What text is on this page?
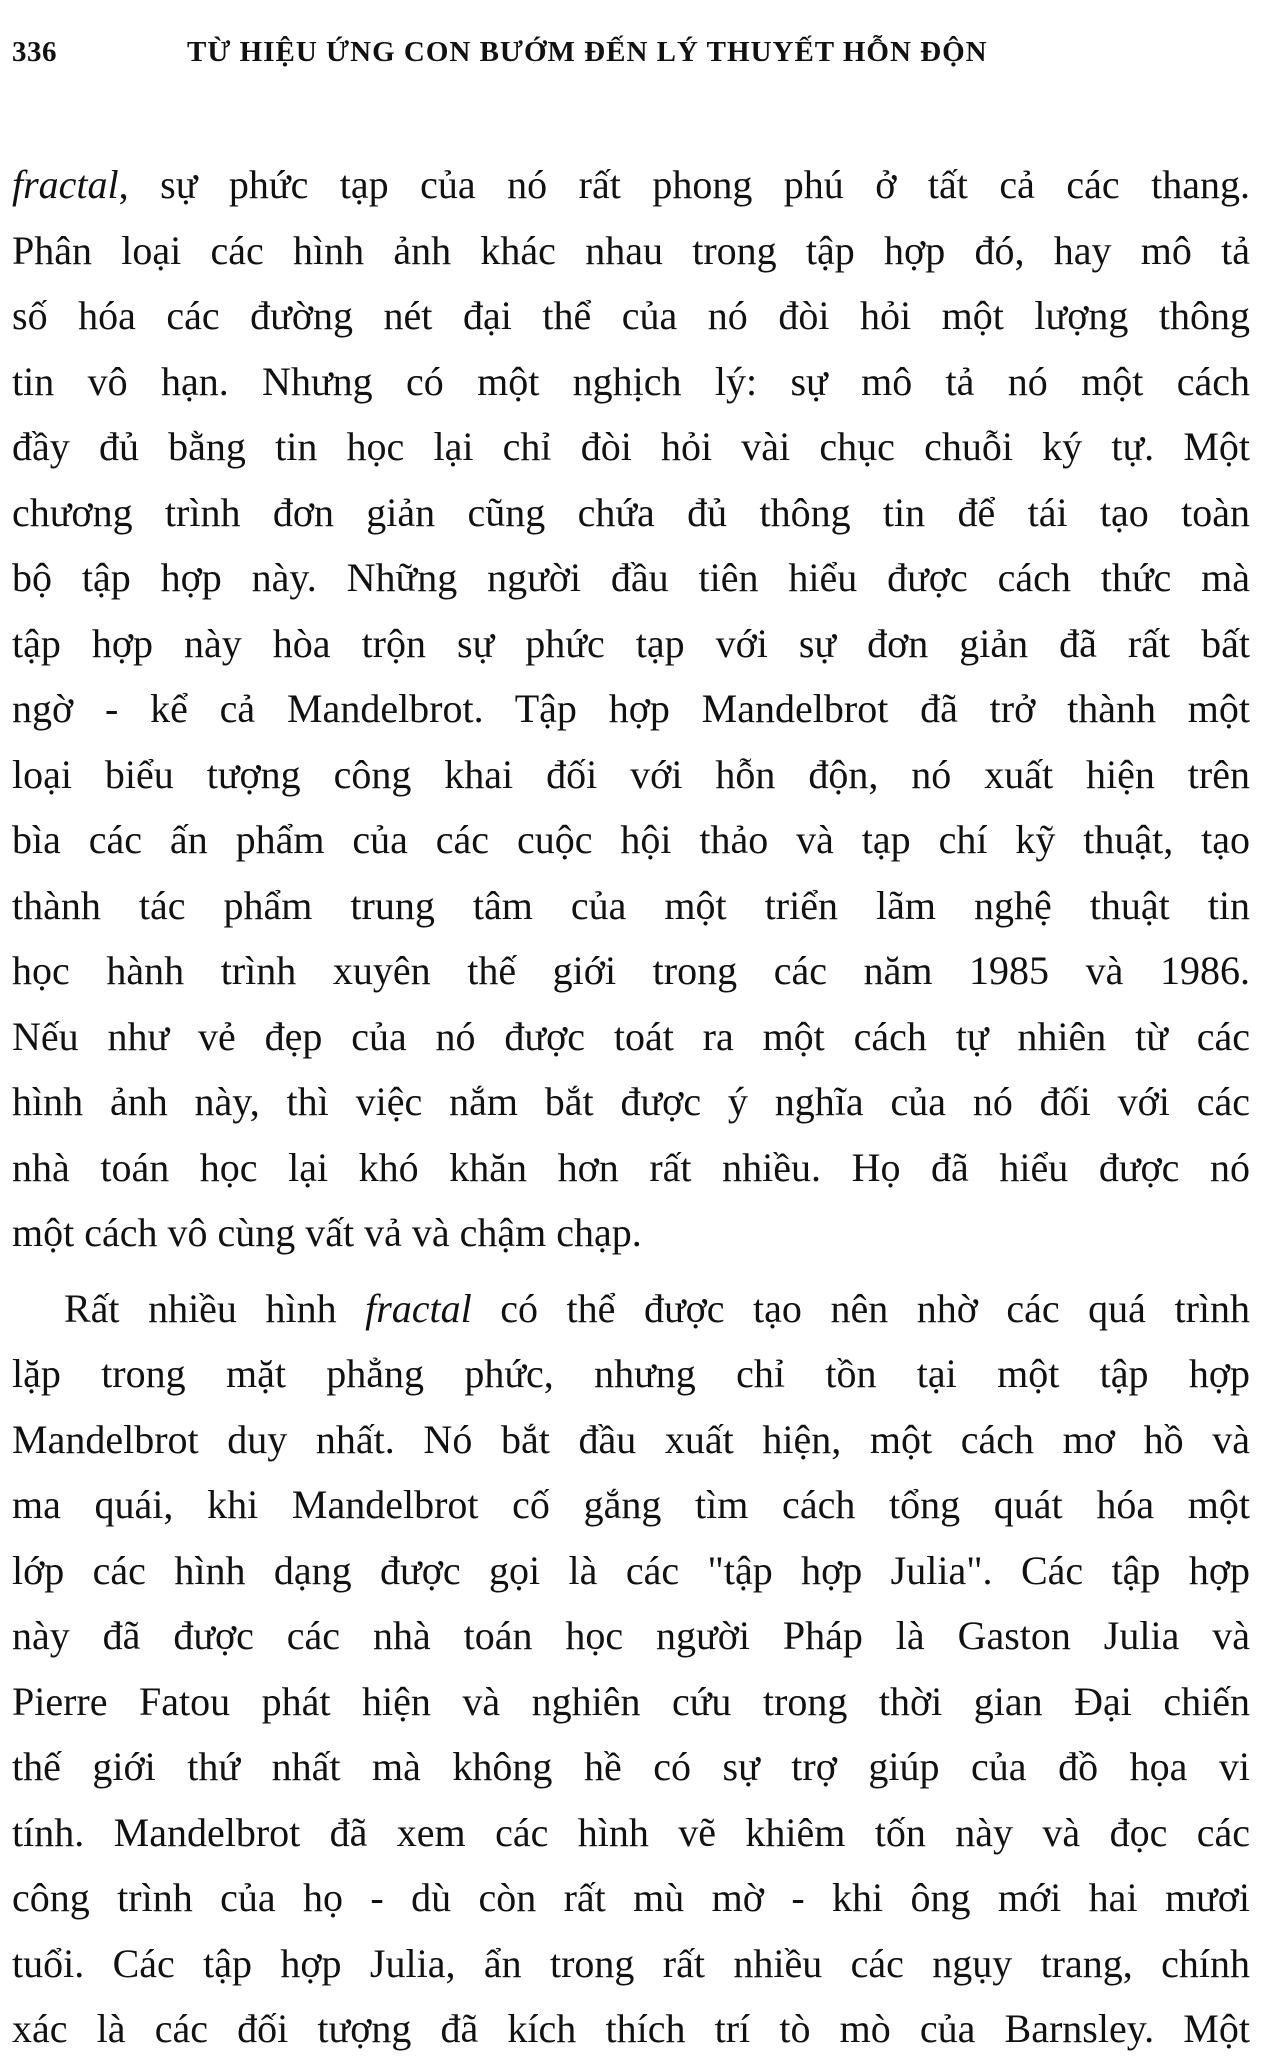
336	TỪ HIỆU ỨNG CON BƯỚM ĐẾN LÝ THUYẾT HỖN ĐỘN
fractal, sự phức tạp của nó rất phong phú ở tất cả các thang.
Phân loại các hình ảnh khác nhau trong tập hợp đó, hay mô tả
số hóa các đường nét đại thể của nó đòi hỏi một lượng thông
tin vô hạn. Nhưng có một nghịch lý: sự mô tả nó một cách
đầy đủ bằng tin học lại chỉ đòi hỏi vài chục chuỗi ký tự. Một
chương trình đơn giản cũng chứa đủ thông tin để tái tạo toàn
bộ tập hợp này. Những người đầu tiên hiểu được cách thức mà
tập hợp này hòa trộn sự phức tạp với sự đơn giản đã rất bất
ngờ - kể cả Mandelbrot. Tập hợp Mandelbrot đã trở thành một
loại biểu tượng công khai đối với hỗn độn, nó xuất hiện trên
bìa các ấn phẩm của các cuộc hội thảo và tạp chí kỹ thuật, tạo
thành tác phẩm trung tâm của một triển lãm nghệ thuật tin
học hành trình xuyên thế giới trong các năm 1985 và 1986.
Nếu như vẻ đẹp của nó được toát ra một cách tự nhiên từ các
hình ảnh này, thì việc nắm bắt được ý nghĩa của nó đối với các
nhà toán học lại khó khăn hơn rất nhiều. Họ đã hiểu được nó
một cách vô cùng vất vả và chậm chạp.
Rất nhiều hình fractal có thể được tạo nên nhờ các quá trình
lặp trong mặt phẳng phức, nhưng chỉ tồn tại một tập hợp
Mandelbrot duy nhất. Nó bắt đầu xuất hiện, một cách mơ hồ và
ma quái, khi Mandelbrot cố gắng tìm cách tổng quát hóa một
lớp các hình dạng được gọi là các "tập hợp Julia". Các tập hợp
này đã được các nhà toán học người Pháp là Gaston Julia và
Pierre Fatou phát hiện và nghiên cứu trong thời gian Đại chiến
thế giới thứ nhất mà không hề có sự trợ giúp của đồ họa vi
tính. Mandelbrot đã xem các hình vẽ khiêm tốn này và đọc các
công trình của họ - dù còn rất mù mờ - khi ông mới hai mươi
tuổi. Các tập hợp Julia, ẩn trong rất nhiều các ngụy trang, chính
xác là các đối tượng đã kích thích trí tò mò của Barnsley. Một
